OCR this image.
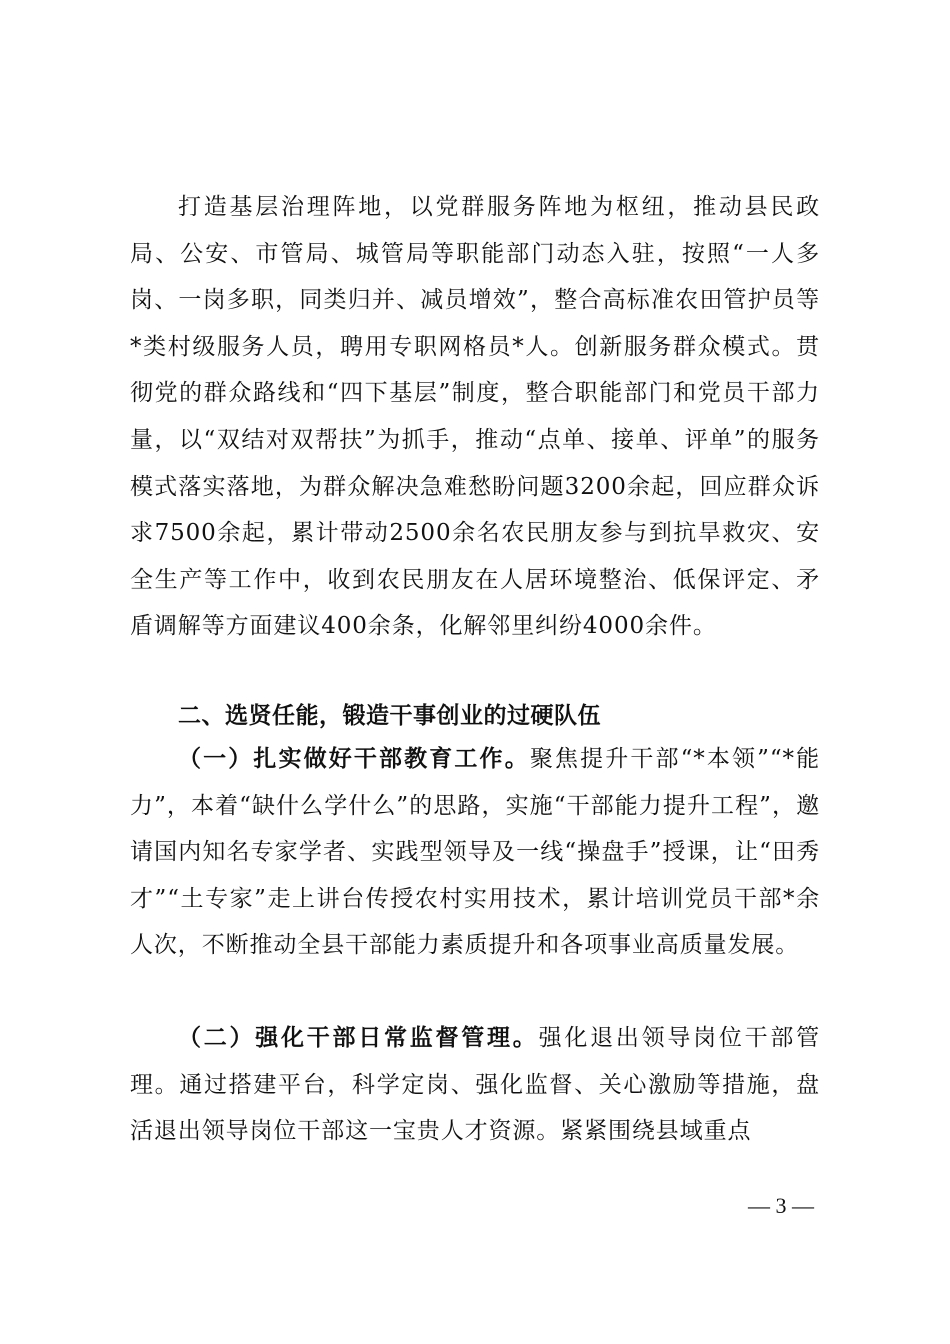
打造基层治理阵地，以党群服务阵地为枢纽，推动县民政局、公安、市管局、城管局等职能部门动态入驻，按照“一人多岗、一岗多职，同类归并、减员增效”，整合高标准农田管护员等*类村级服务人员，聘用专职网格员*人。创新服务群众模式。贯彻党的群众路线和“四下基层”制度，整合职能部门和党员干部力量，以“双结对双帮扶”为抓手，推动“点单、接单、评单”的服务模式落实落地，为群众解决急难愁盼问题3200余起，回应群众诉求7500余起，累计带动2500余名农民朋友参与到抗旱救灾、安全生产等工作中，收到农民朋友在人居环境整治、低保评定、矛盾调解等方面建议400余条，化解邻里纠纷4000余件。

二、选贤任能，锻造干事创业的过硬队伍

（一）扎实做好干部教育工作。聚焦提升干部“*本领”“*能力”，本着“缺什么学什么”的思路，实施“干部能力提升工程”，邀请国内知名专家学者、实践型领导及一线“操盘手”授课，让“田秀才”“土专家”走上讲台传授农村实用技术，累计培训党员干部*余人次，不断推动全县干部能力素质提升和各项事业高质量发展。

（二）强化干部日常监督管理。强化退出领导岗位干部管理。通过搭建平台，科学定岗、强化监督、关心激励等措施，盘活退出领导岗位干部这一宝贵人才资源。紧紧围绕县域重点

— 3 —
